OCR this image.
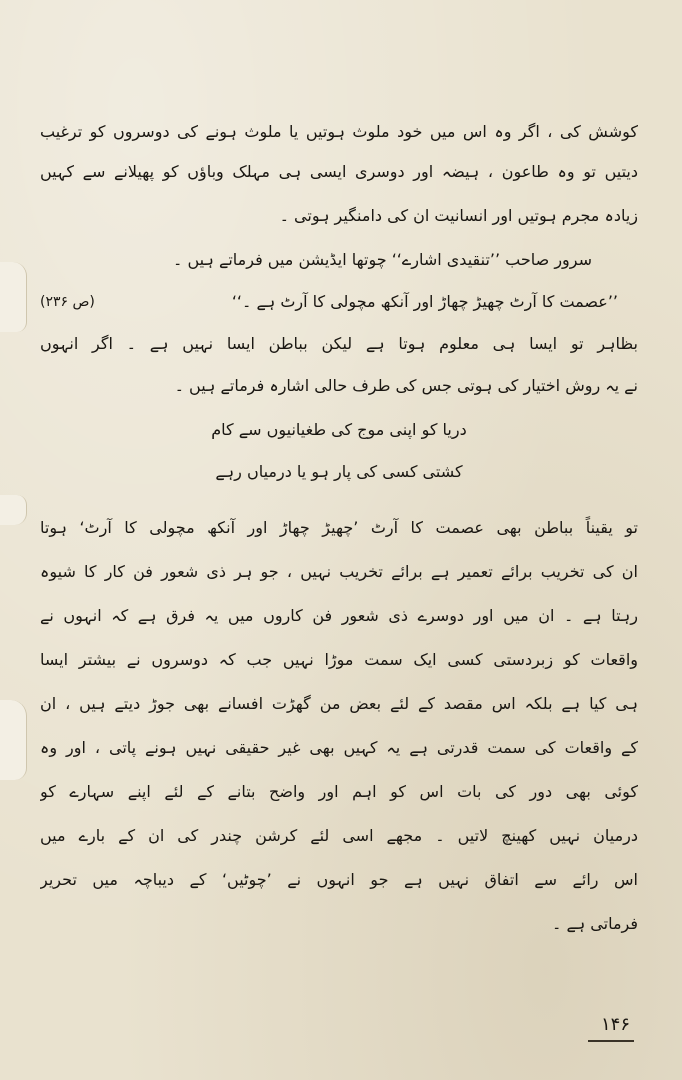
کوشش کی ، اگر وہ اس میں خود ملوث ہوتیں یا ملوث ہونے کی دوسروں کو ترغیب
دیتیں تو وہ طاعون ، ہیضہ اور دوسری ایسی ہی مہلک وباؤں کو پھیلانے سے کہیں
زیادہ مجرم ہوتیں اور انسانیت ان کی دامنگیر ہوتی ۔
سرور صاحب ’’تنقیدی اشارے‘‘ چوتھا ایڈیشن میں فرماتے ہیں ۔
’’عصمت کا آرٹ چھیڑ چھاڑ اور آنکھ مچولی کا آرٹ ہے ۔‘‘
(ص ۲۳۶)
بظاہر تو ایسا ہی معلوم ہوتا ہے لیکن بباطن ایسا نہیں ہے ۔ اگر انہوں
نے یہ روش اختیار کی ہوتی جس کی طرف حالی اشارہ فرماتے ہیں ۔
دریا کو اپنی موج کی طغیانیوں سے کام
کشتی کسی کی پار ہو یا درمیاں رہے
تو یقیناً بباطن بھی عصمت کا آرٹ ’چھیڑ چھاڑ اور آنکھ مچولی کا آرٹ‘ ہوتا
ان کی تخریب برائے تعمیر ہے برائے تخریب نہیں ، جو ہر ذی شعور فن کار کا شیوہ
رہتا ہے ۔ ان میں اور دوسرے ذی شعور فن کاروں میں یہ فرق ہے کہ انہوں نے
واقعات کو زبردستی کسی ایک سمت موڑا نہیں جب کہ دوسروں نے بیشتر ایسا
ہی کیا ہے بلکہ اس مقصد کے لئے بعض من گھڑت افسانے بھی جوڑ دیتے ہیں ، ان
کے واقعات کی سمت قدرتی ہے یہ کہیں بھی غیر حقیقی نہیں ہونے پاتی ، اور وہ
کوئی بھی دور کی بات اس کو اہم اور واضح بتانے کے لئے اپنے سہارے کو
درمیان نہیں کھینچ لاتیں ۔ مجھے اسی لئے کرشن چندر کی ان کے بارے میں
اس رائے سے اتفاق نہیں ہے جو انہوں نے ’چوٹیں‘ کے دیباچہ میں تحریر
فرماتی ہے ۔
۱۴۶
